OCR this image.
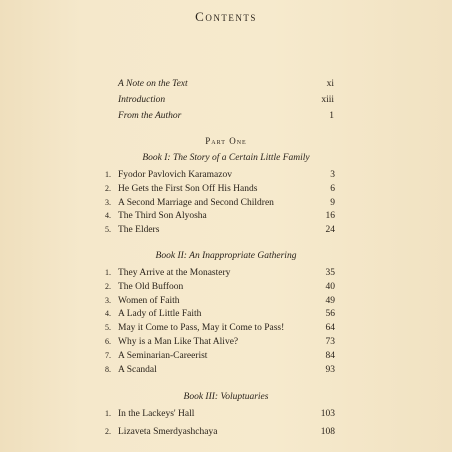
Contents
A Note on the Text	xi
Introduction	xiii
From the Author	1
Part One
Book I: The Story of a Certain Little Family
1. Fyodor Pavlovich Karamazov	3
2. He Gets the First Son Off His Hands	6
3. A Second Marriage and Second Children	9
4. The Third Son Alyosha	16
5. The Elders	24
Book II: An Inappropriate Gathering
1. They Arrive at the Monastery	35
2. The Old Buffoon	40
3. Women of Faith	49
4. A Lady of Little Faith	56
5. May it Come to Pass, May it Come to Pass!	64
6. Why is a Man Like That Alive?	73
7. A Seminarian-Careerist	84
8. A Scandal	93
Book III: Voluptuaries
1. In the Lackeys' Hall	103
2. Lizaveta Smerdyashchaya	108
